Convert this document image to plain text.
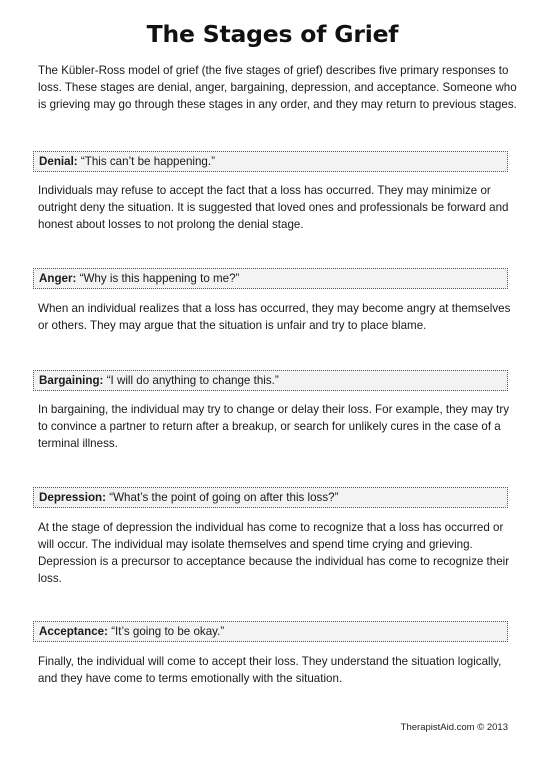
The Stages of Grief

The Kübler-Ross model of grief (the five stages of grief) describes five primary responses to loss. These stages are denial, anger, bargaining, depression, and acceptance. Someone who is grieving may go through these stages in any order, and they may return to previous stages.

Denial: “This can’t be happening.”

Individuals may refuse to accept the fact that a loss has occurred. They may minimize or outright deny the situation. It is suggested that loved ones and professionals be forward and honest about losses to not prolong the denial stage.

Anger: “Why is this happening to me?”

When an individual realizes that a loss has occurred, they may become angry at themselves or others. They may argue that the situation is unfair and try to place blame.

Bargaining: “I will do anything to change this.”

In bargaining, the individual may try to change or delay their loss. For example, they may try to convince a partner to return after a breakup, or search for unlikely cures in the case of a terminal illness.

Depression: “What’s the point of going on after this loss?”

At the stage of depression the individual has come to recognize that a loss has occurred or will occur. The individual may isolate themselves and spend time crying and grieving. Depression is a precursor to acceptance because the individual has come to recognize their loss.

Acceptance: “It’s going to be okay.”

Finally, the individual will come to accept their loss. They understand the situation logically, and they have come to terms emotionally with the situation.

TherapistAid.com © 2013
